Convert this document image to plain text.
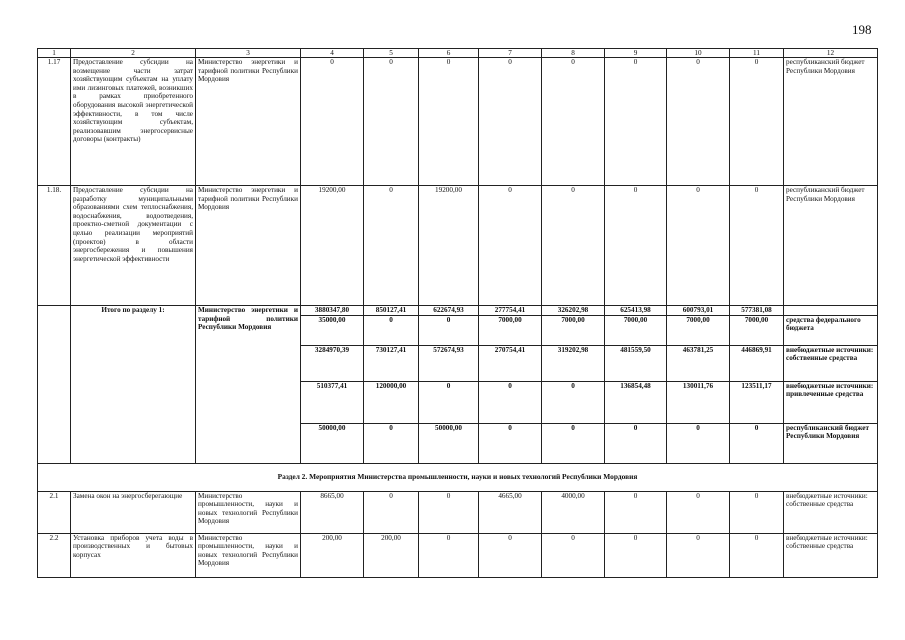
198
1	2	3	4	5	6	7	8	9	10	11	12
1.17	Предоставление субсидии на возмещение части затрат хозяйствующим субъектам на уплату ими лизинговых платежей, возникших в рамках приобретенного оборудования высокой энергетической эффективности, в том числе хозяйствующим субъектам, реализовавшим энергосервисные договоры (контракты)	Министерство энергетики и тарифной политики Республики Мордовия	0	0	0	0	0	0	0	0	республиканский бюджет Республики Мордовия
1.18.	Предоставление субсидии на разработку муниципальными образованиями схем теплоснабжения, водоснабжения, водоотведения, проектно-сметной документации с целью реализации мероприятий (проектов) в области энергосбережения и повышения энергетической эффективности	Министерство энергетики и тарифной политики Республики Мордовия	19200,00	0	19200,00	0	0	0	0	0	республиканский бюджет Республики Мордовия
	Итого по разделу 1:	Министерство энергетики и тарифной политики Республики Мордовия	3880347,80	850127,41	622674,93	277754,41	326202,98	625413,98	600793,01	577381,08	
			35000,00	0	0	7000,00	7000,00	7000,00	7000,00	7000,00	средства федерального бюджета
			3284970,39	730127,41	572674,93	270754,41	319202,98	481559,50	463781,25	446869,91	внебюджетные источники: собственные средства
			510377,41	120000,00	0	0	0	136854,48	130011,76	123511,17	внебюджетные источники: привлеченные средства
			50000,00	0	50000,00	0	0	0	0	0	республиканский бюджет Республики Мордовия
Раздел 2. Мероприятия Министерства промышленности, науки и новых технологий Республики Мордовия											
2.1	Замена окон на энергосберегающие	Министерство промышленности, науки и новых технологий Республики Мордовия	8665,00	0	0	4665,00	4000,00	0	0	0	внебюджетные источники: собственные средства
2.2	Установка приборов учета воды в производственных и бытовых корпусах	Министерство промышленности, науки и новых технологий Республики Мордовия	200,00	200,00	0	0	0	0	0	0	внебюджетные источники: собственные средства
